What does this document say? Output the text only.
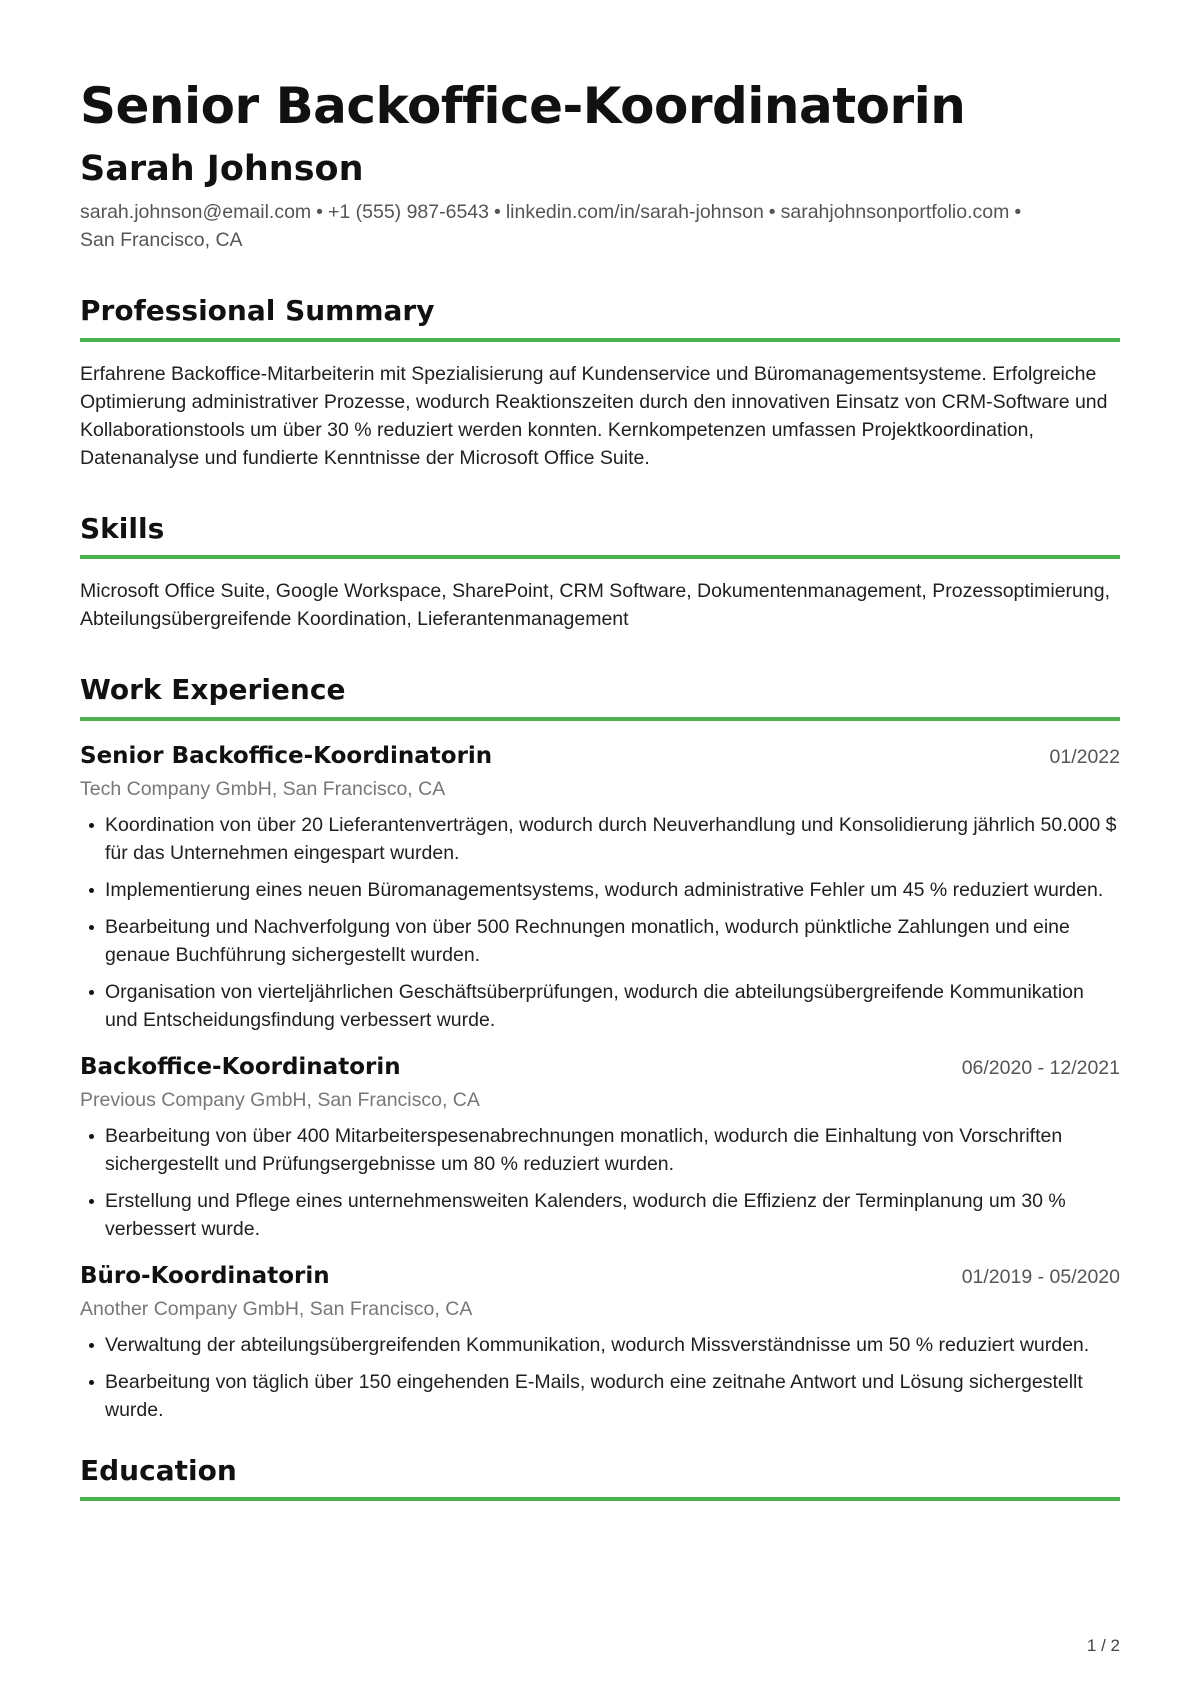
Senior Backoffice-Koordinatorin
Sarah Johnson
sarah.johnson@email.com • +1 (555) 987-6543 • linkedin.com/in/sarah-johnson • sarahjohnsonportfolio.com •
San Francisco, CA
Professional Summary

Erfahrene Backoffice-Mitarbeiterin mit Spezialisierung auf Kundenservice und Büromanagementsysteme. Erfolgreiche Optimierung administrativer Prozesse, wodurch Reaktionszeiten durch den innovativen Einsatz von CRM-Software und Kollaborationstools um über 30 % reduziert werden konnten. Kernkompetenzen umfassen Projektkoordination, Datenanalyse und fundierte Kenntnisse der Microsoft Office Suite.

Skills

Microsoft Office Suite, Google Workspace, SharePoint, CRM Software, Dokumentenmanagement, Prozessoptimierung, Abteilungsübergreifende Koordination, Lieferantenmanagement

Work Experience
Senior Backoffice-Koordinatorin	01/2022
Tech Company GmbH, San Francisco, CA
Koordination von über 20 Lieferantenverträgen, wodurch durch Neuverhandlung und Konsolidierung jährlich 50.000 $ für das Unternehmen eingespart wurden.
Implementierung eines neuen Büromanagementsystems, wodurch administrative Fehler um 45 % reduziert wurden.
Bearbeitung und Nachverfolgung von über 500 Rechnungen monatlich, wodurch pünktliche Zahlungen und eine genaue Buchführung sichergestellt wurden.
Organisation von vierteljährlichen Geschäftsüberprüfungen, wodurch die abteilungsübergreifende Kommunikation und Entscheidungsfindung verbessert wurde.
Backoffice-Koordinatorin	06/2020 - 12/2021
Previous Company GmbH, San Francisco, CA
Bearbeitung von über 400 Mitarbeiterspesenabrechnungen monatlich, wodurch die Einhaltung von Vorschriften sichergestellt und Prüfungsergebnisse um 80 % reduziert wurden.
Erstellung und Pflege eines unternehmensweiten Kalenders, wodurch die Effizienz der Terminplanung um 30 % verbessert wurde.
Büro-Koordinatorin	01/2019 - 05/2020
Another Company GmbH, San Francisco, CA
Verwaltung der abteilungsübergreifenden Kommunikation, wodurch Missverständnisse um 50 % reduziert wurden.
Bearbeitung von täglich über 150 eingehenden E-Mails, wodurch eine zeitnahe Antwort und Lösung sichergestellt wurde.
Education
1 / 2
